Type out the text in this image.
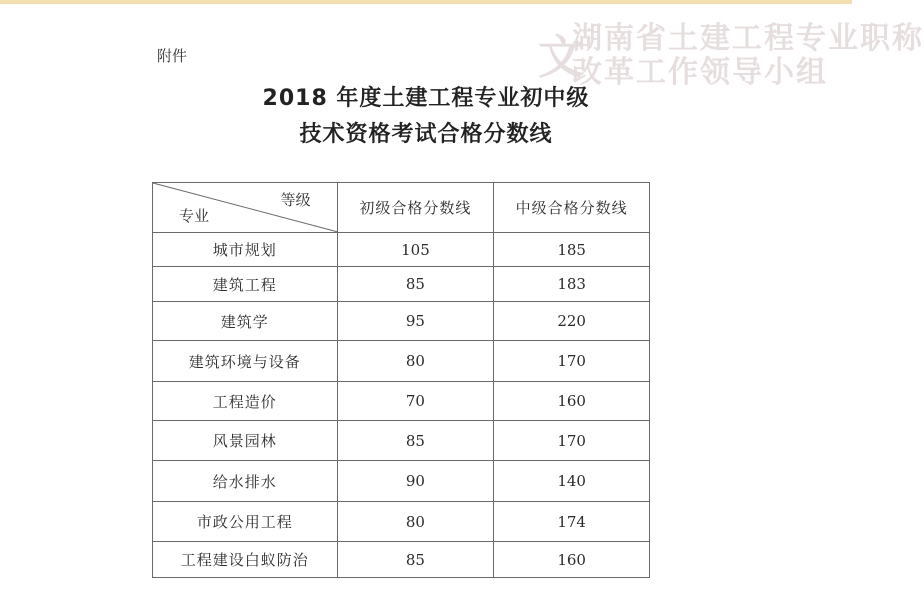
文
湖南省土建工程专业职称
改革工作领导小组
附件
2018 年度土建工程专业初中级
技术资格考试合格分数线
等级
专业	初级合格分数线	中级合格分数线
城市规划	105	185
建筑工程	85	183
建筑学	95	220
建筑环境与设备	80	170
工程造价	70	160
风景园林	85	170
给水排水	90	140
市政公用工程	80	174
工程建设白蚁防治	85	160
